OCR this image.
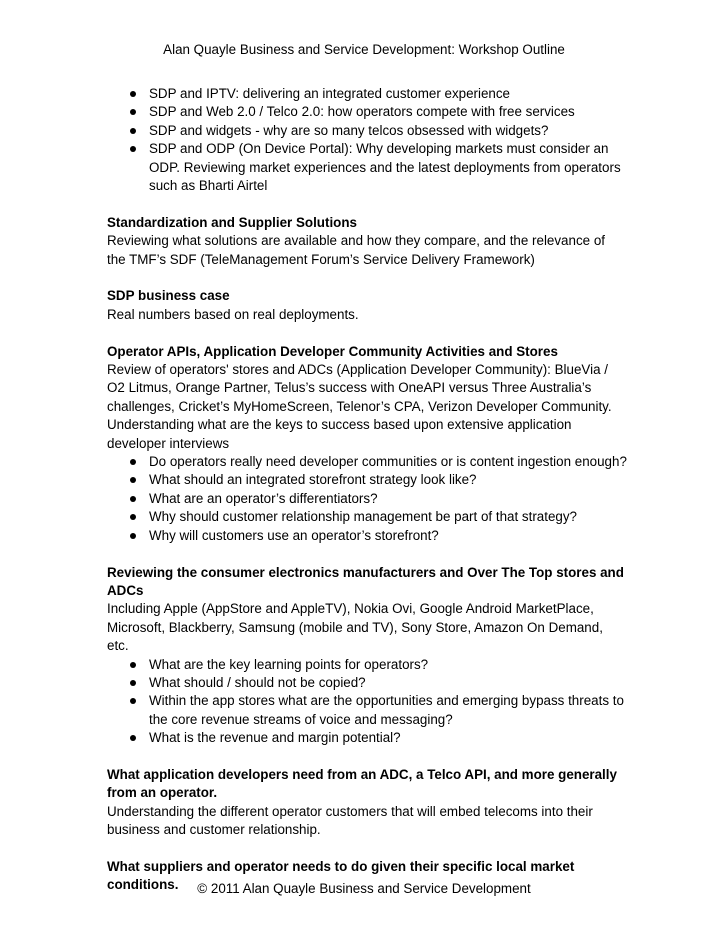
Alan Quayle Business and Service Development: Workshop Outline
SDP and IPTV: delivering an integrated customer experience
SDP and Web 2.0 / Telco 2.0: how operators compete with free services
SDP and widgets - why are so many telcos obsessed with widgets?
SDP and ODP (On Device Portal): Why developing markets must consider an ODP. Reviewing market experiences and the latest deployments from operators such as Bharti Airtel

Standardization and Supplier Solutions

Reviewing what solutions are available and how they compare, and the relevance of the TMF’s SDF (TeleManagement Forum’s Service Delivery Framework)

SDP business case

Real numbers based on real deployments.

Operator APIs, Application Developer Community Activities and Stores

Review of operators' stores and ADCs (Application Developer Community): BlueVia / O2 Litmus, Orange Partner, Telus’s success with OneAPI versus Three Australia’s challenges, Cricket’s MyHomeScreen, Telenor’s CPA, Verizon Developer Community. Understanding what are the keys to success based upon extensive application developer interviews

Do operators really need developer communities or is content ingestion enough?
What should an integrated storefront strategy look like?
What are an operator’s differentiators?
Why should customer relationship management be part of that strategy?
Why will customers use an operator’s storefront?

Reviewing the consumer electronics manufacturers and Over The Top stores and ADCs

Including Apple (AppStore and AppleTV), Nokia Ovi, Google Android MarketPlace, Microsoft, Blackberry, Samsung (mobile and TV), Sony Store, Amazon On Demand, etc.

What are the key learning points for operators?
What should / should not be copied?
Within the app stores what are the opportunities and emerging bypass threats to the core revenue streams of voice and messaging?
What is the revenue and margin potential?

What application developers need from an ADC, a Telco API, and more generally from an operator.

Understanding the different operator customers that will embed telecoms into their business and customer relationship.

What suppliers and operator needs to do given their specific local market conditions.	© 2011 Alan Quayle Business and Service Development
